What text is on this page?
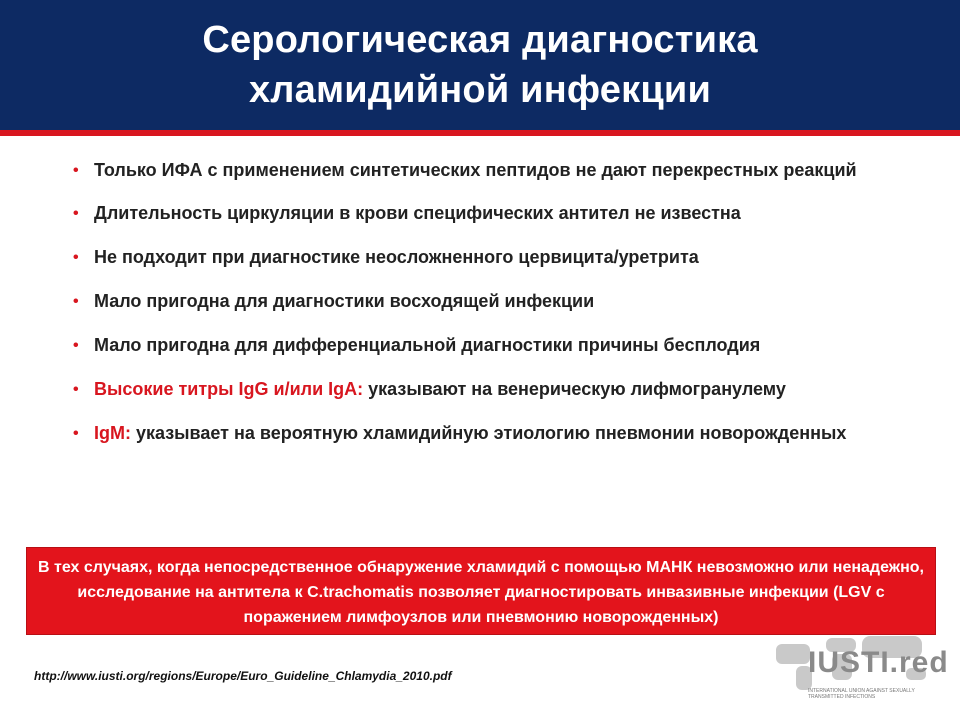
Серологическая диагностика
хламидийной инфекции
• Только ИФА с применением синтетических пептидов не дают перекрестных реакций
• Длительность циркуляции в крови специфических антител не известна
• Не подходит при диагностике неосложненного цервицита/уретрита
• Мало пригодна для диагностики восходящей инфекции
• Мало пригодна для дифференциальной диагностики причины бесплодия
• Высокие титры IgG и/или IgA: указывают на венерическую лифмогранулему
• IgM: указывает на вероятную хламидийную этиологию пневмонии новорожденных
В тех случаях, когда непосредственное обнаружение хламидий с помощью МАНК невозможно или ненадежно, исследование на антитела к C.trachomatis позволяет диагностировать инвазивные инфекции (LGV с поражением лимфоузлов или пневмонию новорожденных)
http://www.iusti.org/regions/Europe/Euro_Guideline_Chlamydia_2010.pdf	IUSTI.red
INTERNATIONAL UNION AGAINST SEXUALLY TRANSMITTED INFECTIONS
